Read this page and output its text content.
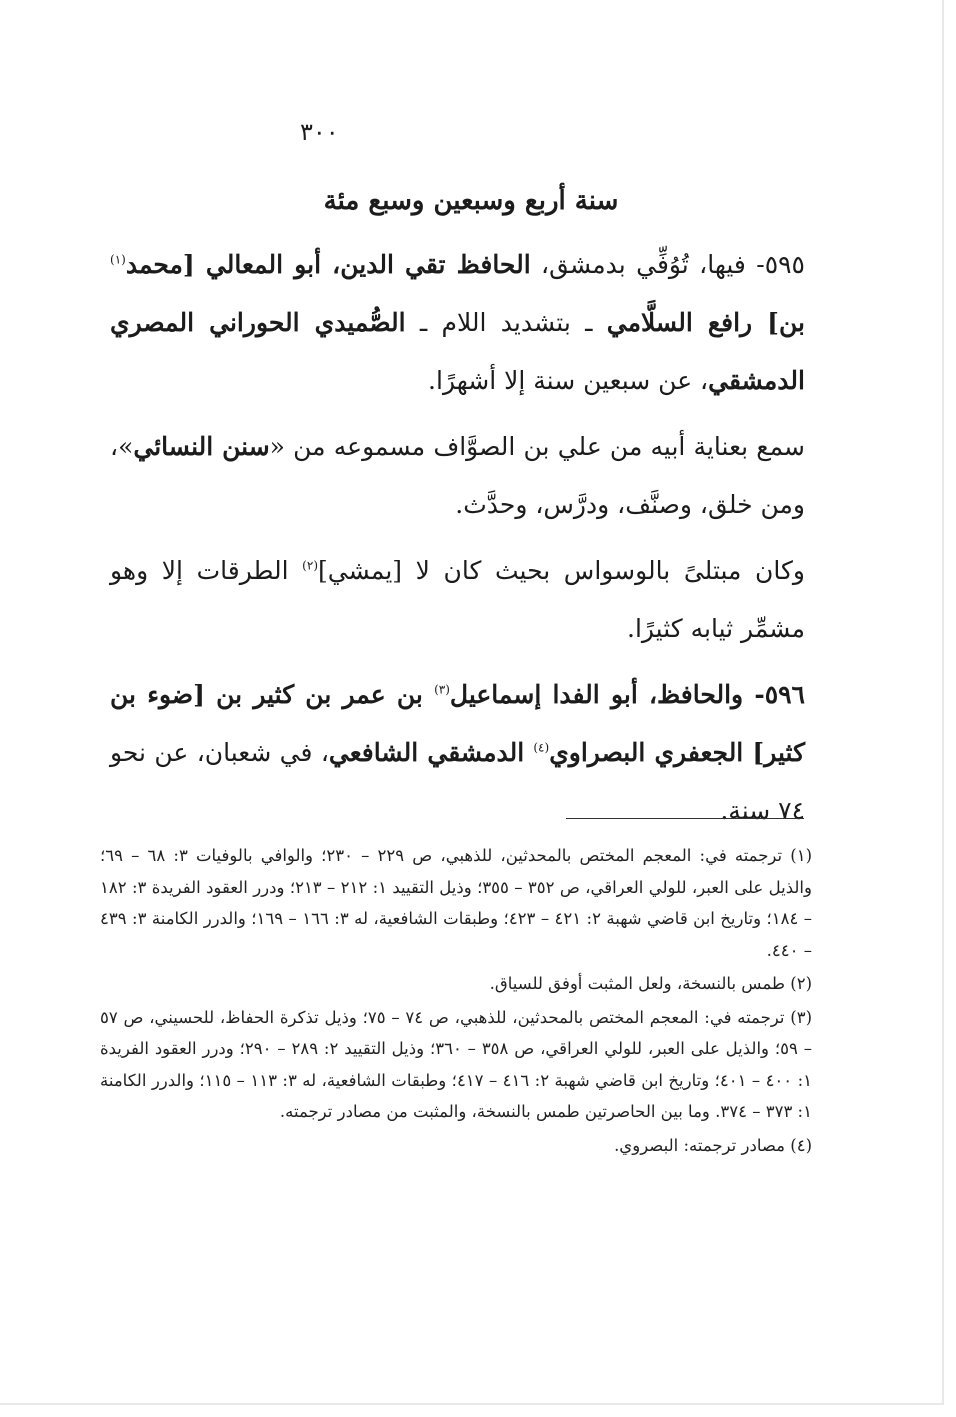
٣٠٠
سنة أربع وسبعين وسبع مئة

٥٩٥- فيها، تُوُفِّي بدمشق، الحافظ تقي الدين، أبو المعالي [محمد$^{(١)}$ بن] رافع السلَّامي ـ بتشديد اللام ـ الصُّميدي الحوراني المصري الدمشقي، عن سبعين سنة إلا أشهرًا.

سمع بعناية أبيه من علي بن الصوَّاف مسموعه من «سنن النسائي»، ومن خلق، وصنَّف، ودرَّس، وحدَّث.

وكان مبتلىً بالوسواس بحيث كان لا [يمشي]$^{(٢)}$ الطرقات إلا وهو مشمِّر ثيابه كثيرًا.

٥٩٦- والحافظ، أبو الفدا إسماعيل$^{(٣)}$ بن عمر بن كثير بن [ضوء بن كثير] الجعفري البصراوي$^{(٤)}$ الدمشقي الشافعي، في شعبان، عن نحو ٧٤ سنة.

(١) ترجمته في: المعجم المختص بالمحدثين، للذهبي، ص ٢٢٩ – ٢٣٠؛ والوافي بالوفيات ٣: ٦٨ – ٦٩؛ والذيل على العبر، للولي العراقي، ص ٣٥٢ – ٣٥٥؛ وذيل التقييد ١: ٢١٢ – ٢١٣؛ ودرر العقود الفريدة ٣: ١٨٢ – ١٨٤؛ وتاريخ ابن قاضي شهبة ٢: ٤٢١ – ٤٢٣؛ وطبقات الشافعية، له ٣: ١٦٦ – ١٦٩؛ والدرر الكامنة ٣: ٤٣٩ – ٤٤٠.

(٢) طمس بالنسخة، ولعل المثبت أوفق للسياق.

(٣) ترجمته في: المعجم المختص بالمحدثين، للذهبي، ص ٧٤ – ٧٥؛ وذيل تذكرة الحفاظ، للحسيني، ص ٥٧ – ٥٩؛ والذيل على العبر، للولي العراقي، ص ٣٥٨ – ٣٦٠؛ وذيل التقييد ٢: ٢٨٩ – ٢٩٠؛ ودرر العقود الفريدة ١: ٤٠٠ – ٤٠١؛ وتاريخ ابن قاضي شهبة ٢: ٤١٦ – ٤١٧؛ وطبقات الشافعية، له ٣: ١١٣ – ١١٥؛ والدرر الكامنة ١: ٣٧٣ – ٣٧٤. وما بين الحاصرتين طمس بالنسخة، والمثبت من مصادر ترجمته.

(٤) مصادر ترجمته: البصروي.
